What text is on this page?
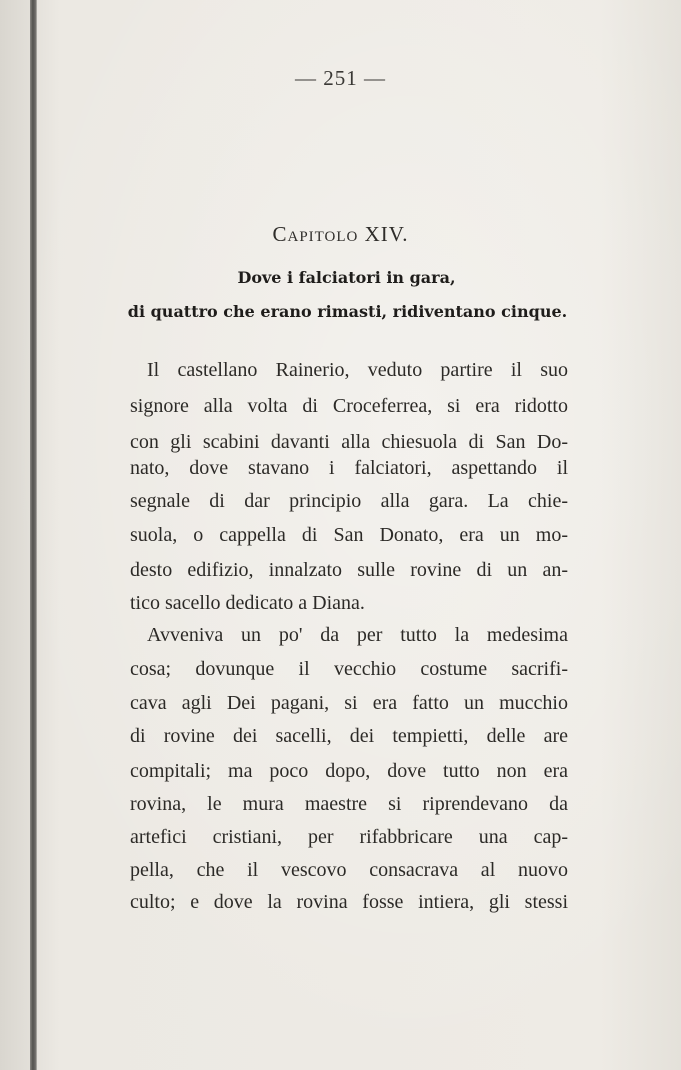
— 251 —
Capitolo XIV.
Dove i falciatori in gara,
di quattro che erano rimasti, ridiventano cinque.
Il castellano Rainerio, veduto partire il suo
signore alla volta di Croceferrea, si era ridotto
con gli scabini davanti alla chiesuola di San Do-
nato, dove stavano i falciatori, aspettando il
segnale di dar principio alla gara. La chie-
suola, o cappella di San Donato, era un mo-
desto edifizio, innalzato sulle rovine di un an-
tico sacello dedicato a Diana.
Avveniva un po' da per tutto la medesima
cosa; dovunque il vecchio costume sacrifi-
cava agli Dei pagani, si era fatto un mucchio
di rovine dei sacelli, dei tempietti, delle are
compitali; ma poco dopo, dove tutto non era
rovina, le mura maestre si riprendevano da
artefici cristiani, per rifabbricare una cap-
pella, che il vescovo consacrava al nuovo
culto; e dove la rovina fosse intiera, gli stessi
